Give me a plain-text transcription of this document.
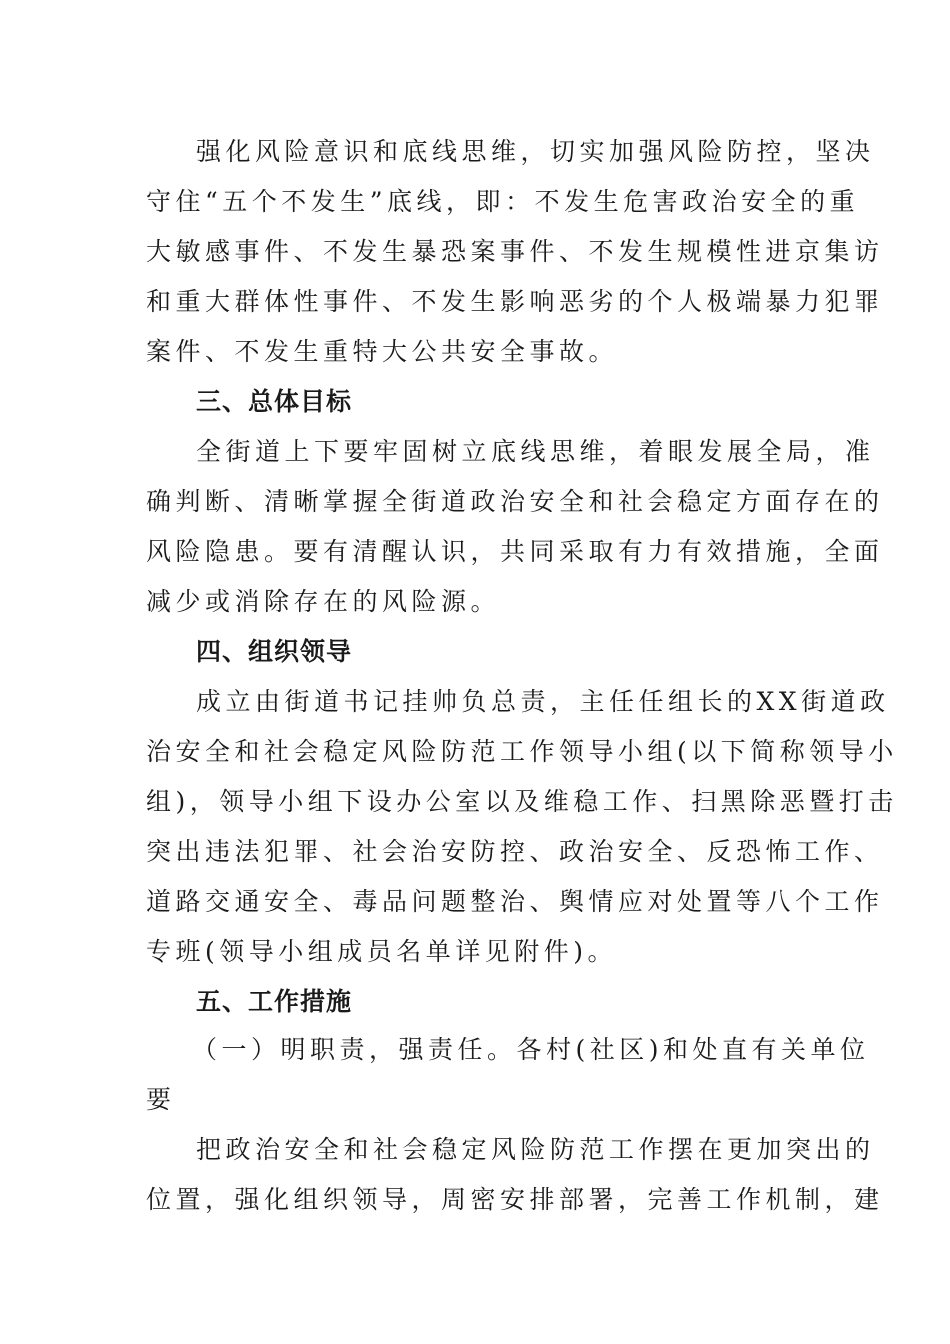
强化风险意识和底线思维，切实加强风险防控，坚决
守住“五个不发生”底线，即：不发生危害政治安全的重
大敏感事件、不发生暴恐案事件、不发生规模性进京集访
和重大群体性事件、不发生影响恶劣的个人极端暴力犯罪
案件、不发生重特大公共安全事故。
三、总体目标
全街道上下要牢固树立底线思维，着眼发展全局，准
确判断、清晰掌握全街道政治安全和社会稳定方面存在的
风险隐患。要有清醒认识，共同采取有力有效措施，全面
减少或消除存在的风险源。
四、组织领导
成立由街道书记挂帅负总责，主任任组长的XX街道政
治安全和社会稳定风险防范工作领导小组(以下简称领导小
组)，领导小组下设办公室以及维稳工作、扫黑除恶暨打击
突出违法犯罪、社会治安防控、政治安全、反恐怖工作、
道路交通安全、毒品问题整治、舆情应对处置等八个工作
专班(领导小组成员名单详见附件)。
五、工作措施
（一）明职责，强责任。各村(社区)和处直有关单位
要
把政治安全和社会稳定风险防范工作摆在更加突出的
位置，强化组织领导，周密安排部署，完善工作机制，建
